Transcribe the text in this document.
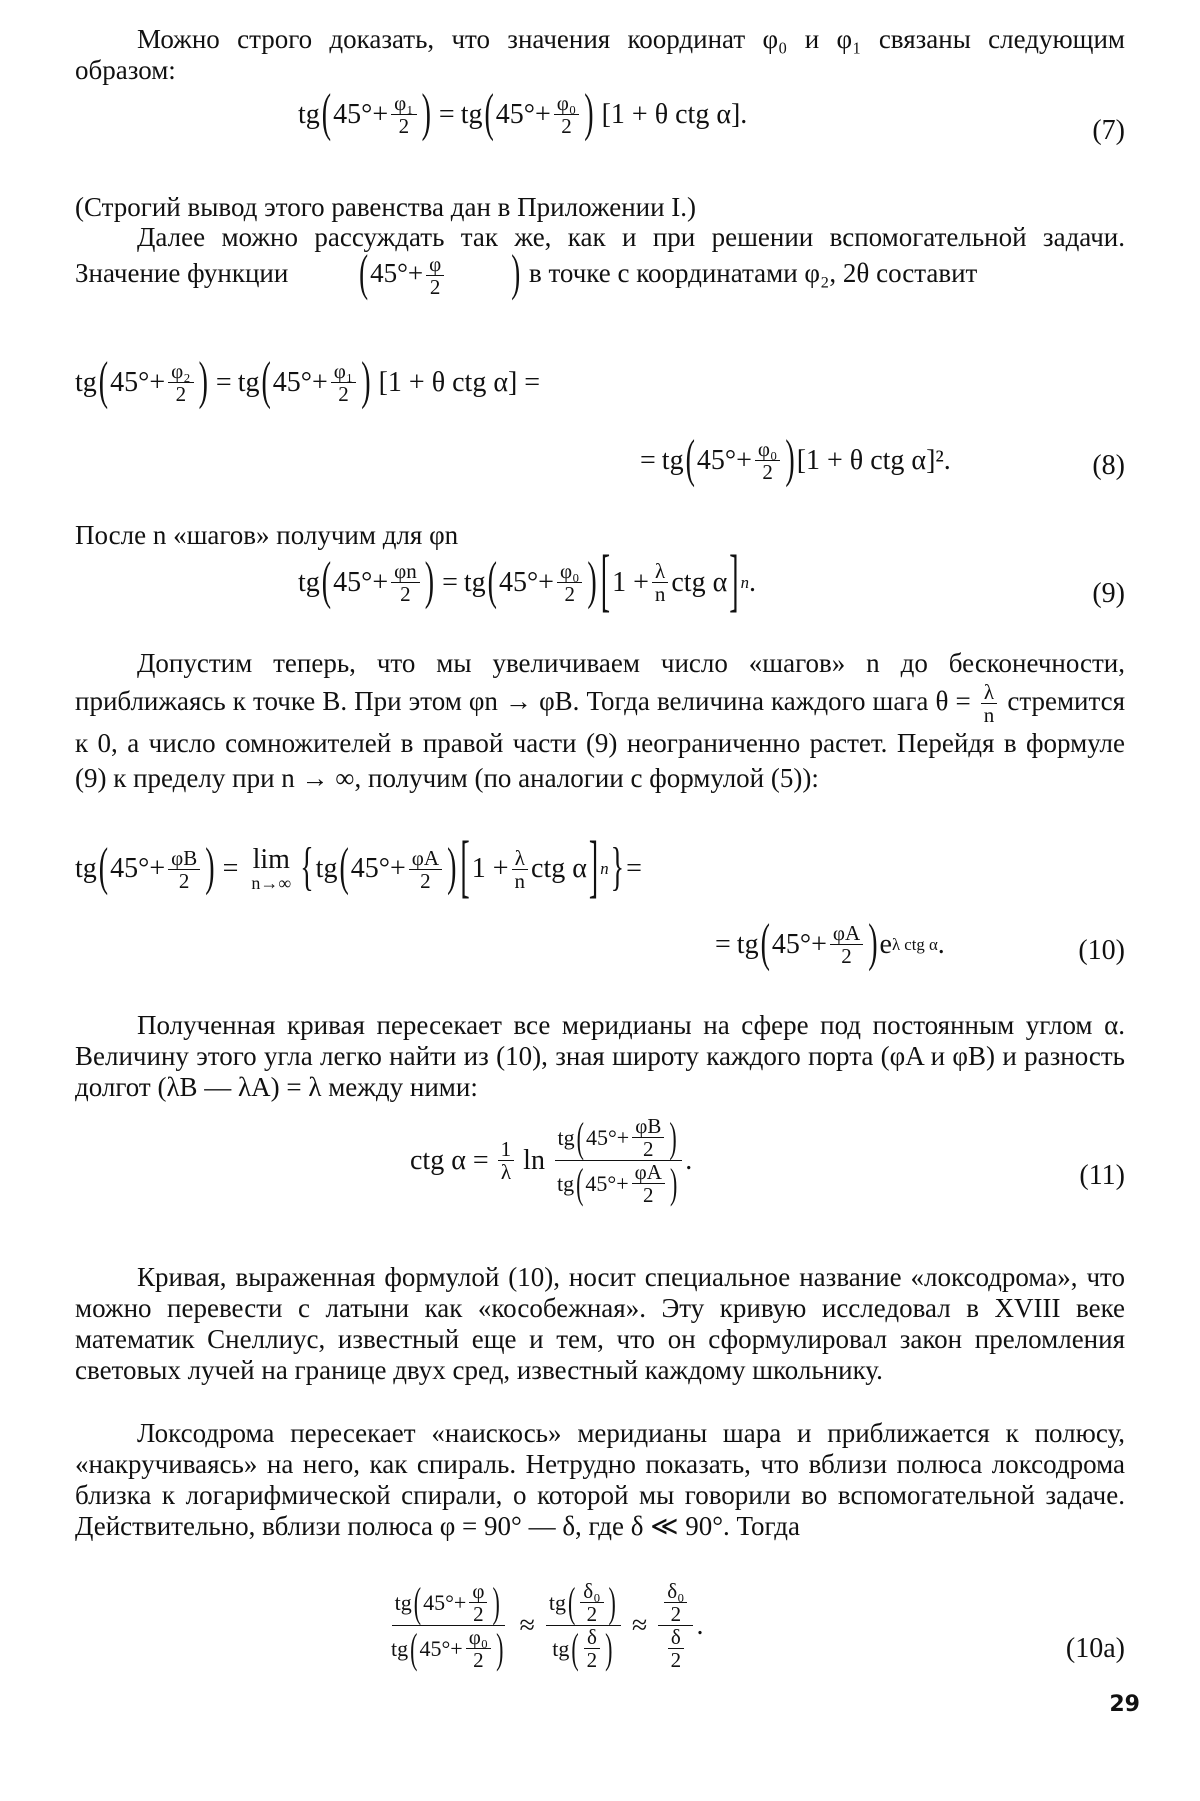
Можно строго доказать, что значения координат φ₀ и φ₁ связаны следующим образом:

tg ( $45^\circ + \frac{\text{φ₁}}{2}$ ) = tg ( $45^\circ + \frac{\text{φ₀}}{2}$ ) [1 + θ ctg α].
(7)

(Строгий вывод этого равенства дан в Приложении I.)

Далее можно рассуждать так же, как и при решении вспомогательной задачи. Значение функции	($45^\circ+ \frac{\varphi}{2}$ ) в точке с координатами φ₂, 2θ составит

tg ( $45^\circ + \frac{\text{φ₂}}{2}$ ) = tg ( $45^\circ + \frac{\text{φ₁}}{2}$ ) [1 + θ ctg α] =
= tg ( $45^\circ + \frac{\text{φ₀}}{2}$ ) [1 + θ ctg α]².	(8)

После n «шагов» получим для φn

tg ( $45^\circ + \frac{\varphi n}{2}$ ) = tg ( $45^\circ + \frac{\text{φ₀}}{2}$ ) [ $1 + \frac{\lambda}{n}$ ctg α ] n .	(9)

Допустим теперь, что мы увеличиваем число «шагов» n до бесконечности, приближаясь к точке B. При этом φn → φB. Тогда величина каждого шага $\theta = \frac{\lambda}{n}$ стремится к 0, а число сомножителей в правой части (9) неограниченно растет. Перейдя в формуле (9) к пределу при n → ∞, получим (по аналогии с формулой (5)):

tg ( $45^\circ + \frac{\varphi B}{2}$ ) = lim
n→∞ { tg ( $45^\circ + \frac{\varphi A}{2}$ ) [ $1 + \frac{\lambda}{n}$ ctg α ] n } =
= tg ( $45^\circ + \frac{\varphi A}{2}$ ) e λ ctg α .	(10)

Полученная кривая пересекает все меридианы на сфере под постоянным углом α. Величину этого угла легко найти из (10), зная широту каждого порта (φA и φB) и разность долгот (λB — λA) = λ между ними:

ctg $\alpha = \frac{1}{\lambda}$ $\ln \frac{tg ( 45^\circ + \frac{\varphi B}{2} )}{tg ( 45^\circ + \frac{\varphi A}{2} )}$ .	(11)

Кривая, выраженная формулой (10), носит специальное название «локсодрома», что можно перевести с латыни как «кособежная». Эту кривую исследовал в XVIII веке математик Снеллиус, известный еще и тем, что он сформулировал закон преломления световых лучей на границе двух сред, известный каждому школьнику.

Локсодрома пересекает «наискось» меридианы шара и приближается к полюсу, «накручиваясь» на него, как спираль. Нетрудно показать, что вблизи полюса локсодрома близка к логарифмической спирали, о которой мы говорили во вспомогательной задаче. Действительно, вблизи полюса φ = 90° — δ, где δ ≪ 90°. Тогда

$\frac{tg ( 45^\circ + \frac{\varphi}{2} )}{tg ( 45^\circ + \frac{\text{φ₀}}{2} )} \approx \frac{tg ( \frac{\text{δ₀}}{2} )}{tg ( \frac{\delta}{2} )} \approx \frac{\frac{\text{δ₀}}{2}}{\frac{\delta}{2}}$ .
(10a)
29
